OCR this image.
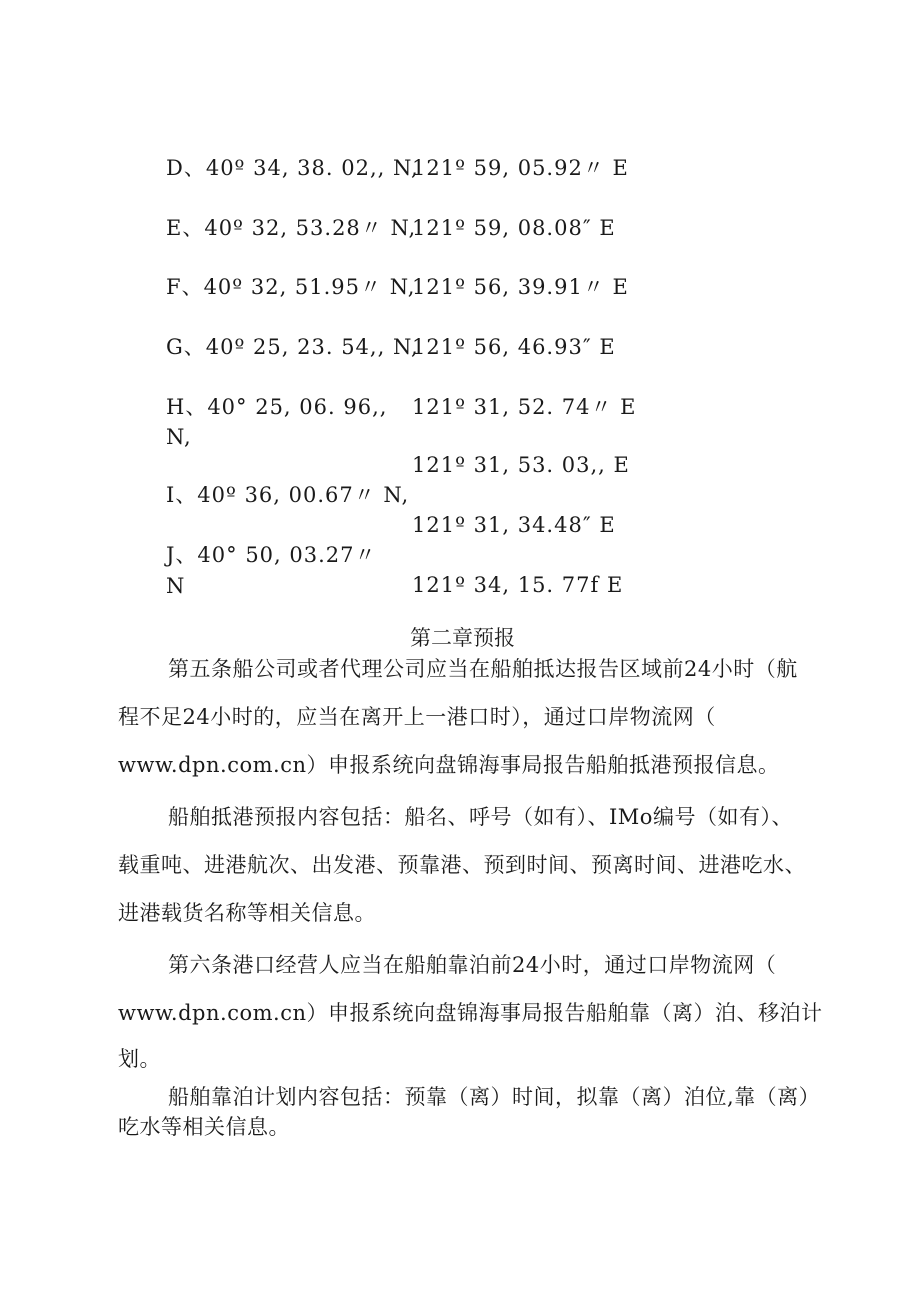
D、40º 34, 38. 02,, N,
121º 59, 05.92〃 E
E、40º 32, 53.28〃 N,
121º 59, 08.08″ E
F、40º 32, 51.95〃 N,
121º 56, 39.91〃 E
G、40º 25, 23. 54,, N,
121º 56, 46.93″ E
H、40° 25, 06. 96,, 121º 31, 52. 74〃 E
N,
121º 31, 53. 03,, E
I、40º 36, 00.67〃 N,
121º 31, 34.48″ E
J、40° 50, 03.27〃
N	121º 34, 15. 77f E
第二章预报
第五条船公司或者代理公司应当在船舶抵达报告区域前24小时（航
程不足24小时的，应当在离开上一港口时），通过口岸物流网（
www.dpn.com.cn）申报系统向盘锦海事局报告船舶抵港预报信息。
船舶抵港预报内容包括：船名、呼号（如有）、IMo编号（如有）、
载重吨、进港航次、出发港、预靠港、预到时间、预离时间、进港吃水、
进港载货名称等相关信息。
第六条港口经营人应当在船舶靠泊前24小时，通过口岸物流网（
www.dpn.com.cn）申报系统向盘锦海事局报告船舶靠（离）泊、移泊计
划。
船舶靠泊计划内容包括：预靠（离）时间，拟靠（离）泊位,靠（离）
吃水等相关信息。
